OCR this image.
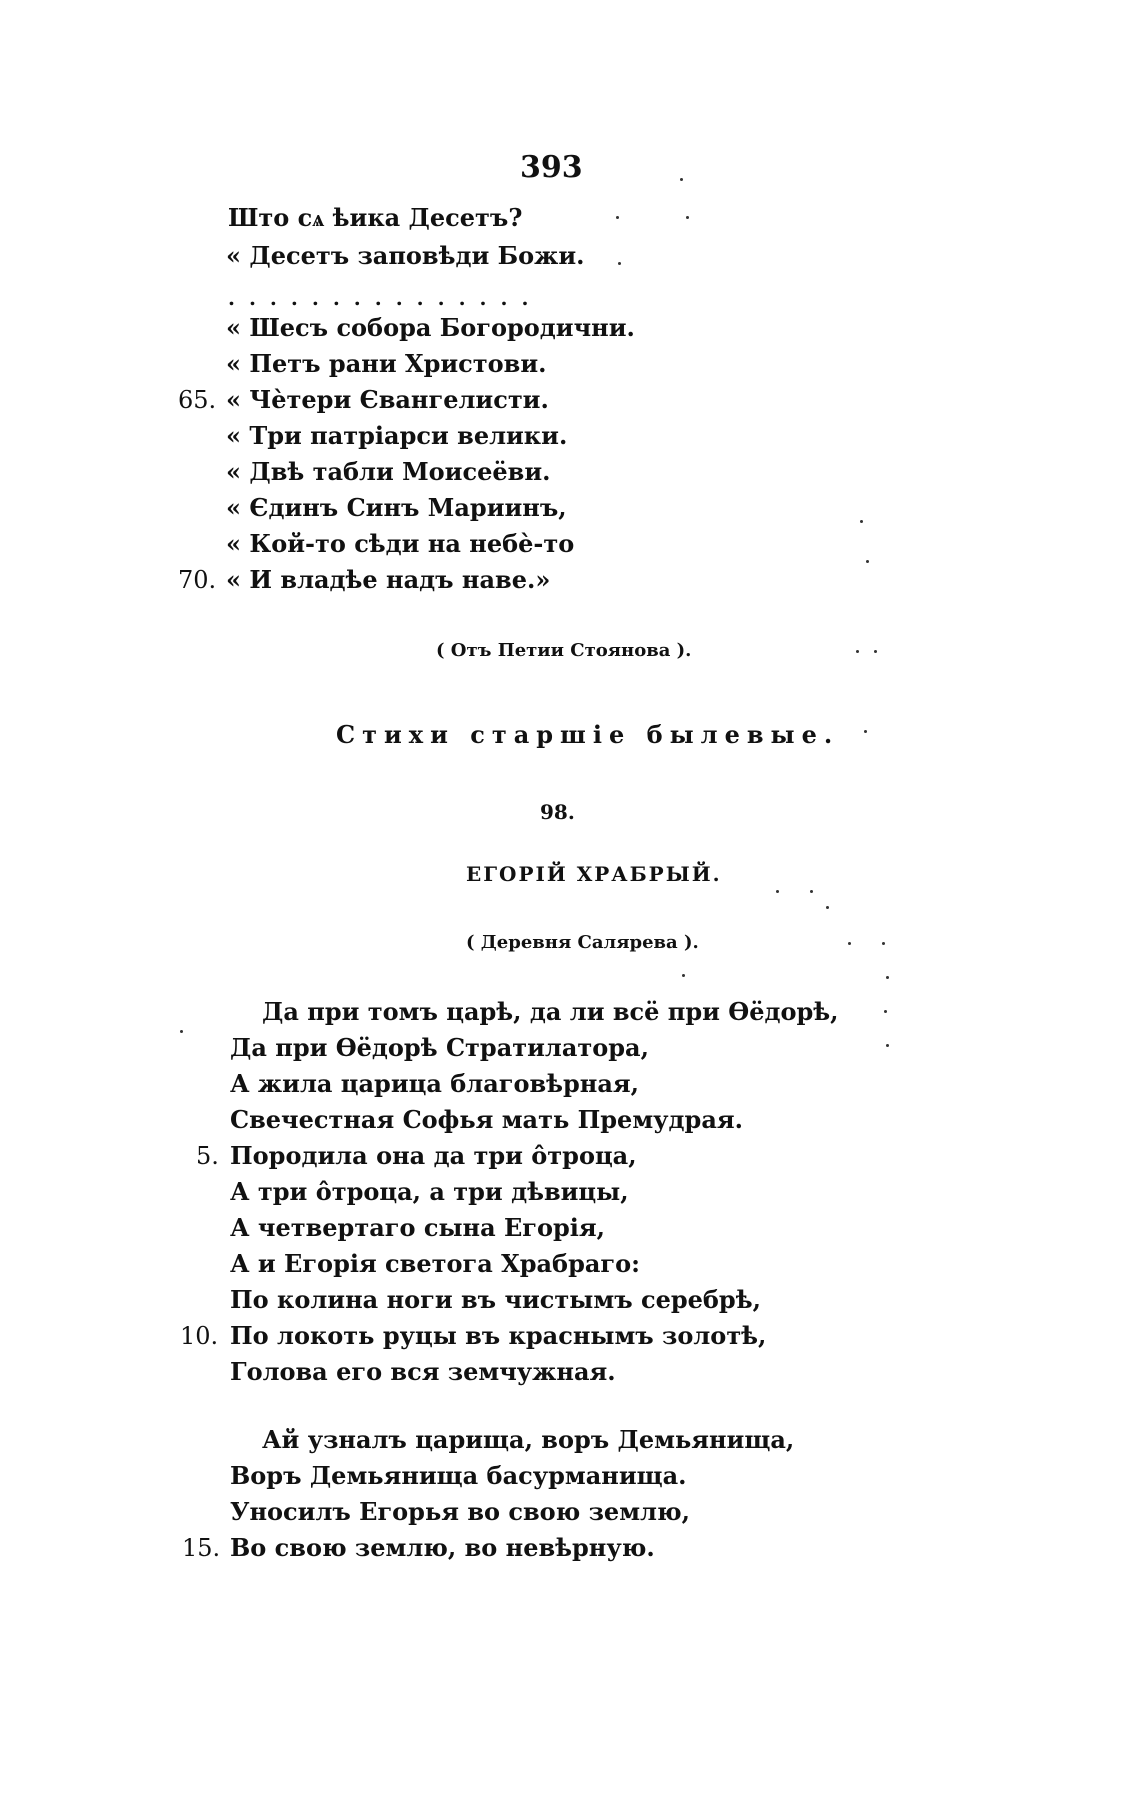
393
Што сѧ ѣика Десетъ?
« Десетъ заповѣди Божи.
...............
« Шесъ собора Богородични.
« Петъ рани Христови.
65. « Чѐтери Євангелисти.
« Три патріарси велики.
« Двѣ табли Моисеёви.
« Єдинъ Синъ Мариинъ,
« Кой-то сѣди на небѐ-то
70. « И владѣе надъ наве.»
( Отъ Петии Стоянова ).
Стихи старшіе былевые.
98.
ЕГОРІЙ ХРАБРЫЙ.
( Деревня Салярева ).
Да при томъ царѣ, да ли всё при Өёдорѣ,
Да при Өёдорѣ Стратилатора,
А жила царица благовѣрная,
Свечестная Софья мать Премудрая.
5. Породила она да три о̂троца,
А три о̂троца, а три дѣвицы,
А четвертаго сына Егорія,
А и Егорія светога Храбраго:
По колина ноги въ чистымъ серебрѣ,
10. По локоть руцы въ краснымъ золотѣ,
Голова его вся земчужная.
Ай узналъ царища, воръ Демьянища,
Воръ Демьянища басурманища.
Уносилъ Егорья во свою землю,
15. Во свою землю, во невѣрную.
